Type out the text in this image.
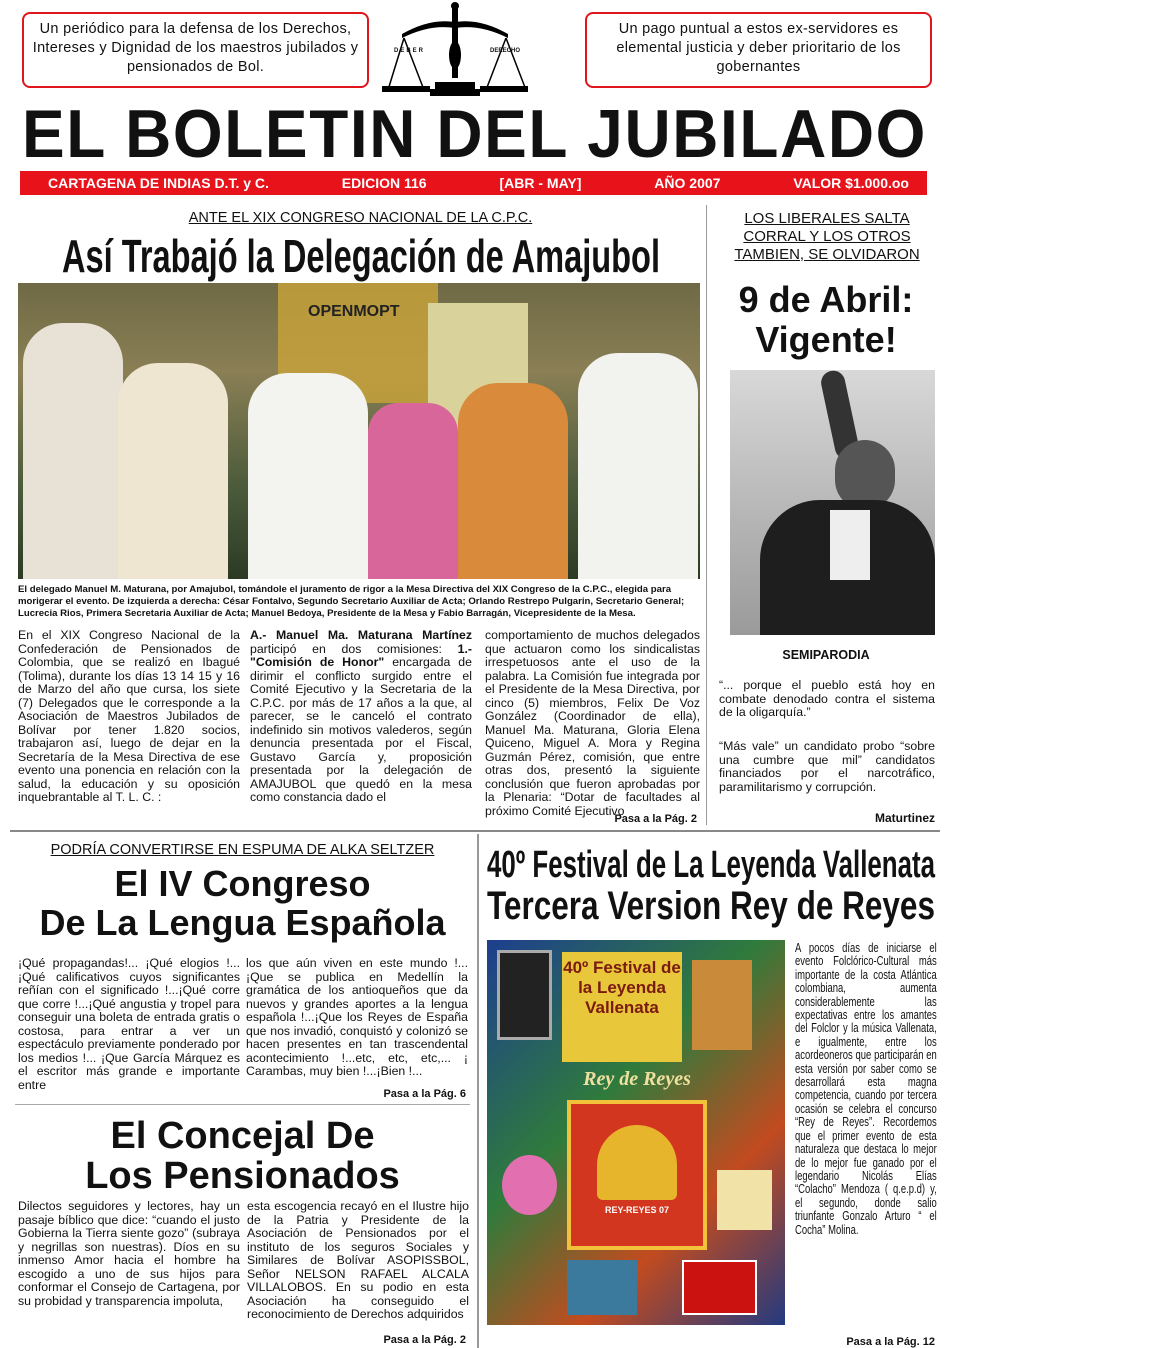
Un periódico para la defensa de los Derechos, Intereses y Dignidad de los maestros jubilados y pensionados de Bol.
DEBER	DERECHO
Un pago puntual a estos ex-servidores es elemental justicia y deber prioritario de los gobernantes
EL BOLETIN DEL JUBILADO
CARTAGENA DE INDIAS D.T. y C.	EDICION 116	[ABR - MAY]	AÑO 2007	VALOR $1.000.oo
ANTE EL XIX CONGRESO NACIONAL DE LA C.P.C.
Así Trabajó la Delegación de Amajubol
OPENMOPT
El delegado Manuel M. Maturana, por Amajubol, tomándole el juramento de rigor a la Mesa Directiva del XIX Congreso de la C.P.C., elegida para morigerar el evento. De izquierda a derecha: César Fontalvo, Segundo Secretario Auxiliar de Acta; Orlando Restrepo Pulgarin, Secretario General; Lucrecia Rios, Primera Secretaria Auxiliar de Acta; Manuel Bedoya, Presidente de la Mesa y Fabio Barragán, Vicepresidente de la Mesa.
En el XIX Congreso Nacional de la Confederación de Pensionados de Colombia, que se realizó en Ibagué (Tolima), durante los días 13 14 15 y 16 de Marzo del año que cursa, los siete (7) Delegados que le corresponde a la Asociación de Maestros Jubilados de Bolívar por tener 1.820 socios, trabajaron así, luego de dejar en la Secretaría de la Mesa Directiva de ese evento una ponencia en relación con la salud, la educación y su oposición inquebrantable al T. L. C. :
A.- Manuel Ma. Maturana Martínez participó en dos comisiones: 1.- "Comisión de Honor" encargada de dirimir el conflicto surgido entre el Comité Ejecutivo y la Secretaria de la C.P.C. por más de 17 años a la que, al parecer, se le canceló el contrato indefinido sin motivos valederos, según denuncia presentada por el Fiscal, Gustavo García y, proposición presentada por la delegación de AMAJUBOL que quedó en la mesa como constancia dado el
comportamiento de muchos delegados que actuaron como los sindicalistas irrespetuosos ante el uso de la palabra. La Comisión fue integrada por el Presidente de la Mesa Directiva, por cinco (5) miembros, Felix De Voz González (Coordinador de ella), Manuel Ma. Maturana, Gloria Elena Quiceno, Miguel A. Mora y Regina Guzmán Pérez, comisión, que entre otras dos, presentó la siguiente conclusión que fueron aprobadas por la Plenaria: “Dotar de facultades al próximo Comité Ejecutivo
Pasa a la Pág. 2
LOS LIBERALES SALTA CORRAL Y LOS OTROS TAMBIEN, SE OLVIDARON
9 de Abril:
Vigente!
SEMIPARODIA
“... porque el pueblo está hoy en combate denodado contra el sistema de la oligarquía.”
“Más vale” un candidato probo “sobre una cumbre que mil” candidatos financiados por el narcotráfico, paramilitarismo y corrupción.
Maturtinez
PODRÍA CONVERTIRSE EN ESPUMA DE ALKA SELTZER
El IV Congreso
De La Lengua Española
¡Qué propagandas!... ¡Qué elogios !...¡Qué calificativos cuyos significantes reñían con el significado !...¡Qué corre que corre !...¡Qué angustia y tropel para conseguir una boleta de entrada gratis o costosa, para entrar a ver un espectáculo previamente ponderado por los medios !... ¡Que García Márquez es el escritor más grande e importante entre
los que aún viven en este mundo !...¡Que se publica en Medellín la gramática de los antioqueños que da nuevos y grandes aportes a la lengua española !...¡Que los Reyes de España que nos invadió, conquistó y colonizó se hacen presentes en tan trascendental acontecimiento !...etc, etc, etc,... ¡ Carambas, muy bien !...¡Bien !...
Pasa a la Pág. 6
El Concejal De
Los Pensionados
Dilectos seguidores y lectores, hay un pasaje bíblico que dice: “cuando el justo Gobierna la Tierra siente gozo” (subraya y negrillas son nuestras). Díos en su inmenso Amor hacia el hombre ha escogido a uno de sus hijos para conformar el Consejo de Cartagena, por su probidad y transparencia impoluta,
esta escogencia recayó en el Ilustre hijo de la Patria y Presidente de la Asociación de Pensionados por el instituto de los seguros Sociales y Similares de Bolívar ASOPISSBOL, Señor NELSON RAFAEL ALCALA VILLALOBOS. En su podio en esta Asociación ha conseguido el reconocimiento de Derechos adquiridos
Pasa a la Pág. 2
40º Festival de La Leyenda Vallenata
Tercera Version Rey de Reyes
40º Festival de la Leyenda Vallenata
Rey de Reyes
REY-REYES 07
A pocos días de iniciarse el evento Folclórico-Cultural más importante de la costa Atlántica colombiana, aumenta considerablemente las expectativas entre los amantes del Folclor y la música Vallenata, e igualmente, entre los acordeoneros que participarán en esta versión por saber como se desarrollará esta magna competencia, cuando por tercera ocasión se celebra el concurso “Rey de Reyes”. Recordemos que el primer evento de esta naturaleza que destaca lo mejor de lo mejor fue ganado por el legendario Nicolás Elías “Colacho” Mendoza ( q.e.p.d) y, el segundo, donde salio triunfante Gonzalo Arturo “ el Cocha” Molina.
Pasa a la Pág. 12
